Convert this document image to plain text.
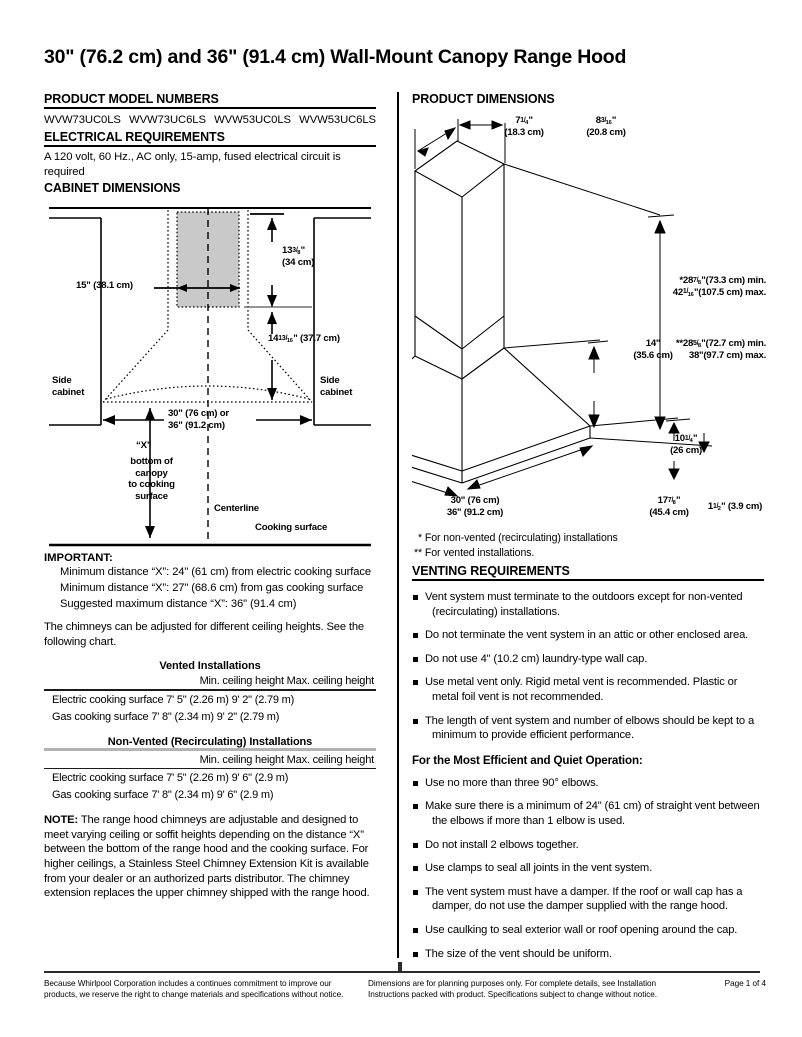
30" (76.2 cm) and 36" (91.4 cm) Wall-Mount Canopy Range Hood
PRODUCT MODEL NUMBERS
WVW73UC0LS WVW73UC6LS WVW53UC0LS WVW53UC6LS
ELECTRICAL REQUIREMENTS
A 120 volt, 60 Hz., AC only, 15-amp, fused electrical circuit is required
CABINET DIMENSIONS
15" (38.1 cm)
$133/_8$"
(34 cm)
$1413/_{16}$" (37.7 cm)
Side
cabinet
Side
cabinet
30" (76 cm) or
36" (91.2 cm)
“X”
bottom of
canopy
to cooking
surface
Centerline
Cooking surface
IMPORTANT:
Minimum distance “X”: 24" (61 cm) from electric cooking surface
Minimum distance “X”: 27" (68.6 cm) from gas cooking surface
Suggested maximum distance “X”: 36" (91.4 cm)
The chimneys can be adjusted for different ceiling heights. See the following chart.
Vented Installations
Min. ceiling height Max. ceiling height
Electric cooking surface 7' 5" (2.26 m) 9' 2" (2.79 m)
Gas cooking surface 7' 8" (2.34 m) 9' 2" (2.79 m)
Non-Vented (Recirculating) Installations
Min. ceiling height Max. ceiling height
Electric cooking surface 7' 5" (2.26 m) 9' 6" (2.9 m)
Gas cooking surface 7' 8" (2.34 m) 9' 6" (2.9 m)
NOTE: The range hood chimneys are adjustable and designed to meet varying ceiling or soffit heights depending on the distance “X” between the bottom of the range hood and the cooking surface. For higher ceilings, a Stainless Steel Chimney Extension Kit is available from your dealer or an authorized parts distributor. The chimney extension replaces the upper chimney shipped with the range hood.
PRODUCT DIMENSIONS
$71/_4$"
(18.3 cm)
$83/_{16}$"
(20.8 cm)
$*287/_8"(73.3$ cm) min.
$421/_{16}"(107.5$ cm) max.
14"
(35.6 cm)
$**285/_8"(72.7$ cm) min.
38"(97.7 cm) max.
$101/_4$"
(26 cm)
30" (76 cm)
36" (91.2 cm)
$177/_8$"
(45.4 cm)	$11/_2$" (3.9 cm)
* For non-vented (recirculating) installations
** For vented installations.
VENTING REQUIREMENTS
Vent system must terminate to the outdoors except for non-vented
(recirculating) installations.
Do not terminate the vent system in an attic or other enclosed area.
Do not use 4" (10.2 cm) laundry-type wall cap.
Use metal vent only. Rigid metal vent is recommended. Plastic or
metal foil vent is not recommended.
The length of vent system and number of elbows should be kept to a
minimum to provide efficient performance.
For the Most Efficient and Quiet Operation:
Use no more than three 90° elbows.
Make sure there is a minimum of 24" (61 cm) of straight vent between
the elbows if more than 1 elbow is used.
Do not install 2 elbows together.
Use clamps to seal all joints in the vent system.
The vent system must have a damper. If the roof or wall cap has a
damper, do not use the damper supplied with the range hood.
Use caulking to seal exterior wall or roof opening around the cap.
The size of the vent should be uniform.
Because Whirlpool Corporation includes a continues commitment to improve our products, we reserve the right to change materials and specifications without notice.
Dimensions are for planning purposes only. For complete details, see Installation Instructions packed with product. Specifications subject to change without notice.
Page 1 of 4
